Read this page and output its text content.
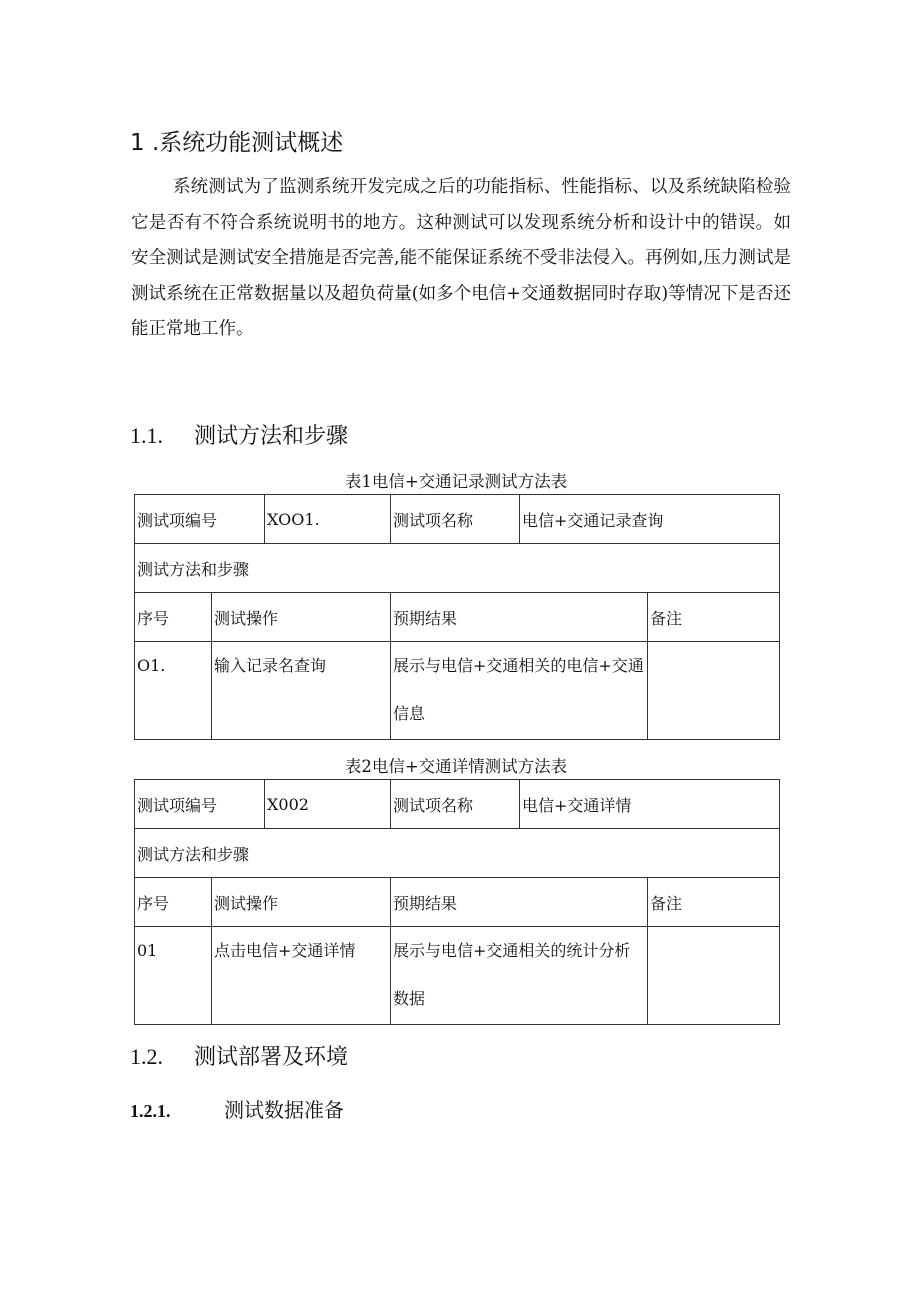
1 .系统功能测试概述
系统测试为了监测系统开发完成之后的功能指标、性能指标、以及系统缺陷检验它是否有不符合系统说明书的地方。这种测试可以发现系统分析和设计中的错误。如安全测试是测试安全措施是否完善,能不能保证系统不受非法侵入。再例如,压力测试是测试系统在正常数据量以及超负荷量(如多个电信+交通数据同时存取)等情况下是否还能正常地工作。
1.1. 测试方法和步骤
表1电信+交通记录测试方法表
测试项编号		XOO1.	测试项名称	电信+交通记录查询	
测试方法和步骤					
序号	测试操作		预期结果		备注
O1.	输入记录名查询		展示与电信+交通相关的电信+交通信息		
表2电信+交通详情测试方法表
测试项编号		X002	测试项名称	电信+交通详情	
测试方法和步骤					
序号	测试操作		预期结果		备注
01	点击电信+交通详情		展示与电信+交通相关的统计分析数据		
1.2. 测试部署及环境
1.2.1.	测试数据准备
